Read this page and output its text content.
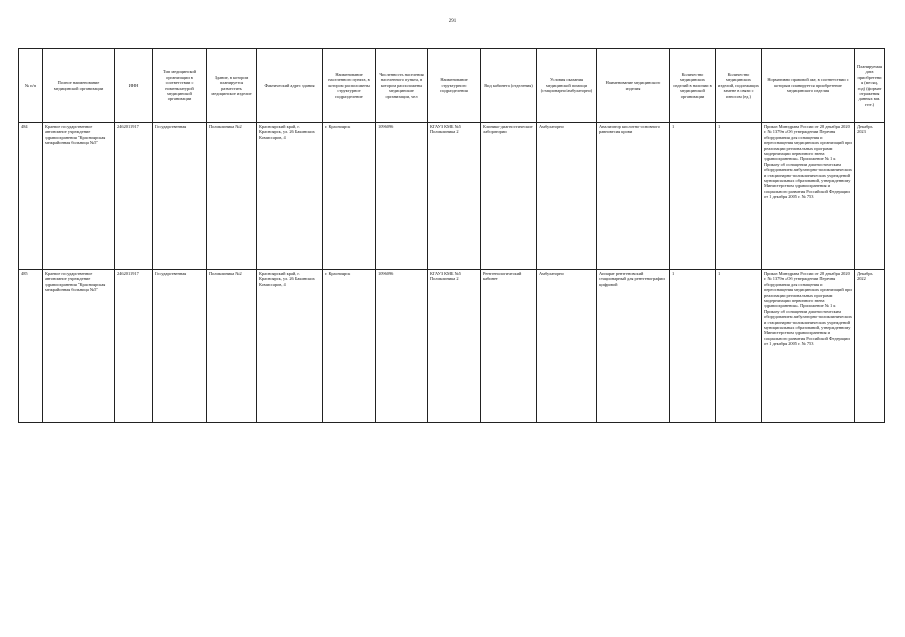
291
№ п/п	Полное наименование медицинской организации	ИНН	Тип медицинской организации в соответствии с номенклатурой медицинской организации	Здание, в котором планируется разместить медицинское изделие	Фактический адрес здания	Наименование населенного пункта, в котором расположены структурное подразделение	Численность населения населенного пункта, в котором расположены медицинские организации, чел	Наименование структурного подразделения	Вид кабинета (отделения)	Условия оказания медицинской помощи (стационарно/амбулаторно)	Наименование медицинского изделия	Количество медицинских изделий в наличии в медицинской организации	Количество медицинских изделий, подлежащих замене в связи с износом (ед.)	Нормативно правовой акт, в соответствии с которым планируется приобретение медицинского изделия	Планируемая дата приобретения (месяц, год) (формат отражения данных мм. гггг.)
484	Краевое государственное автономное учреждение здравоохранения "Красноярская межрайонная больница №5"	2462011917	Государственная	Поликлиника №2	Красноярский край, г. Красноярск, ул. 26 Бакинских Комиссаров, 4	г. Красноярск	1096096	КГАУЗ КМБ №5 Поликлиника 2	Клинико-диагностические лаборатории	Амбулаторно	Анализатор кислотно-основного равновесия крови	1	1	Приказ Минздрава России от 28 декабря 2020 г. № 1379н «Об утверждении Перечня оборудования для оснащения и переоснащения медицинских организаций при реализации региональных программ модернизации первичного звена здравоохранения». Приложение № 1 к Приказу об оснащении диагностическим оборудованием амбулаторно-поликлинических и стационарно-поликлинических учреждений муниципальных образований, утвержденному Министерством здравоохранения и социального развития Российской Федерации от 1 декабря 2005 г. № 753	Декабрь 2023
485	Краевое государственное автономное учреждение здравоохранения "Красноярская межрайонная больница №5"	2462011917	Государственная	Поликлиника №2	Красноярский край, г. Красноярск, ул. 26 Бакинских Комиссаров, 4	г. Красноярск	1096096	КГАУЗ КМБ №5 Поликлиника 2	Рентгенологический кабинет	Амбулаторно	Аппарат рентгеновский стационарный для рентгенографии цифровой	1	1	Приказ Минздрава России от 28 декабря 2020 г. № 1379н «Об утверждении Перечня оборудования для оснащения и переоснащения медицинских организаций при реализации региональных программ модернизации первичного звена здравоохранения». Приложение № 1 к Приказу об оснащении диагностическим оборудованием амбулаторно-поликлинических и стационарно-поликлинических учреждений муниципальных образований, утвержденному Министерством здравоохранения и социального развития Российской Федерации от 1 декабря 2005 г. № 753	Декабрь 2022
